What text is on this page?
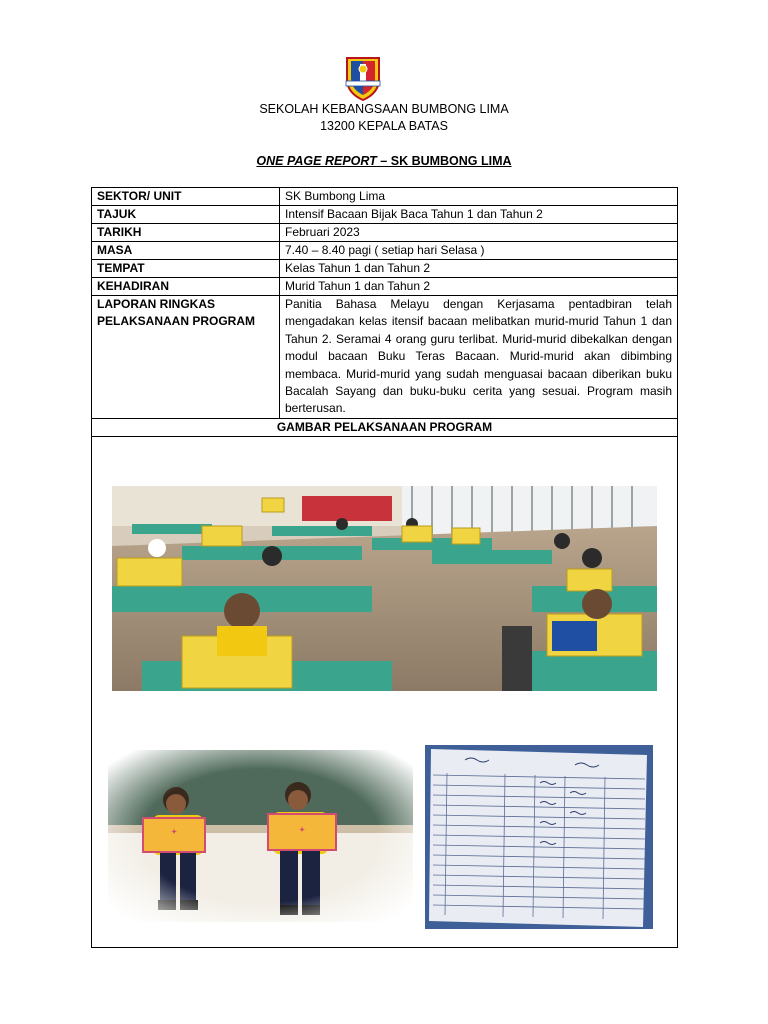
SEKOLAH KEBANGSAAN BUMBONG LIMA
13200 KEPALA BATAS
ONE PAGE REPORT – SK BUMBONG LIMA
SEKTOR/ UNIT	SK Bumbong Lima
TAJUK	Intensif Bacaan Bijak Baca Tahun 1 dan Tahun 2
TARIKH	Februari 2023
MASA	7.40 – 8.40 pagi ( setiap hari Selasa )
TEMPAT	Kelas Tahun 1 dan Tahun 2
KEHADIRAN	Murid Tahun 1 dan Tahun 2

LAPORAN RINGKAS
PELAKSANAAN PROGRAM	Panitia Bahasa Melayu dengan Kerjasama pentadbiran telah mengadakan kelas itensif bacaan melibatkan murid-murid Tahun 1 dan Tahun 2. Seramai 4 orang guru terlibat. Murid-murid dibekalkan dengan modul bacaan Buku Teras Bacaan. Murid-murid akan dibimbing membaca. Murid-murid yang sudah menguasai bacaan diberikan buku Bacalah Sayang dan buku-buku cerita yang sesuai. Program masih berterusan.
GAMBAR PELAKSANAAN PROGRAM	
